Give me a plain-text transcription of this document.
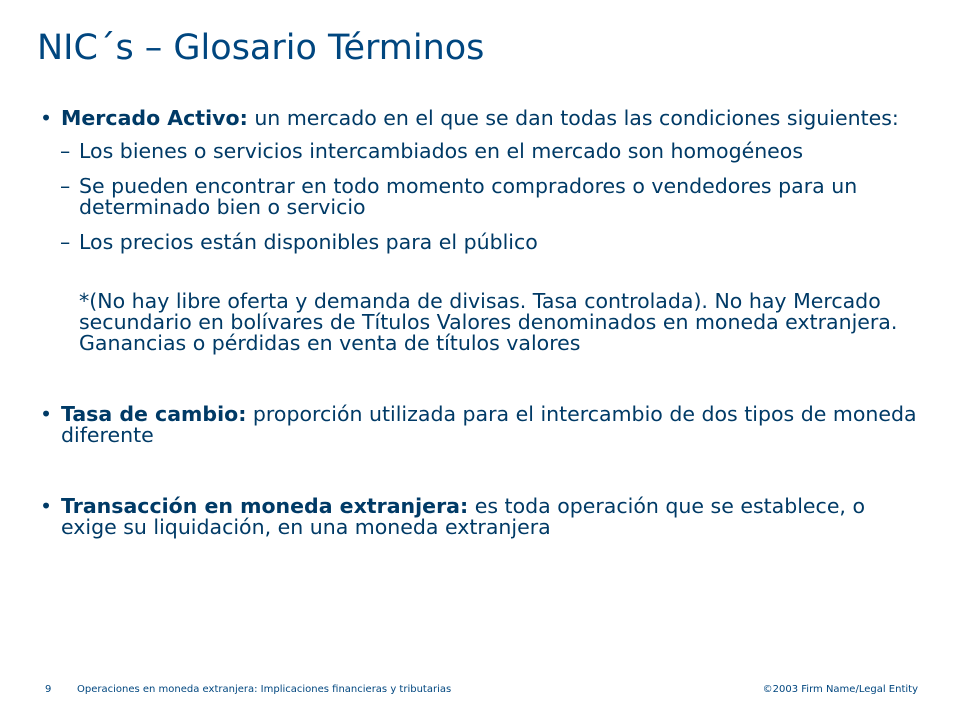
NIC´s – Glosario Términos
• Mercado Activo: un mercado en el que se dan todas las condiciones siguientes:
– Los bienes o servicios intercambiados en el mercado son homogéneos
– Se pueden encontrar en todo momento compradores o vendedores para un determinado bien o servicio
– Los precios están disponibles para el público
*(No hay libre oferta y demanda de divisas. Tasa controlada). No hay Mercado secundario en bolívares de Títulos Valores denominados en moneda extranjera. Ganancias o pérdidas en venta de títulos valores
• Tasa de cambio: proporción utilizada para el intercambio de dos tipos de moneda diferente
• Transacción en moneda extranjera: es toda operación que se establece, o exige su liquidación, en una moneda extranjera
9	Operaciones en moneda extranjera: Implicaciones financieras y tributarias	©2003 Firm Name/Legal Entity
